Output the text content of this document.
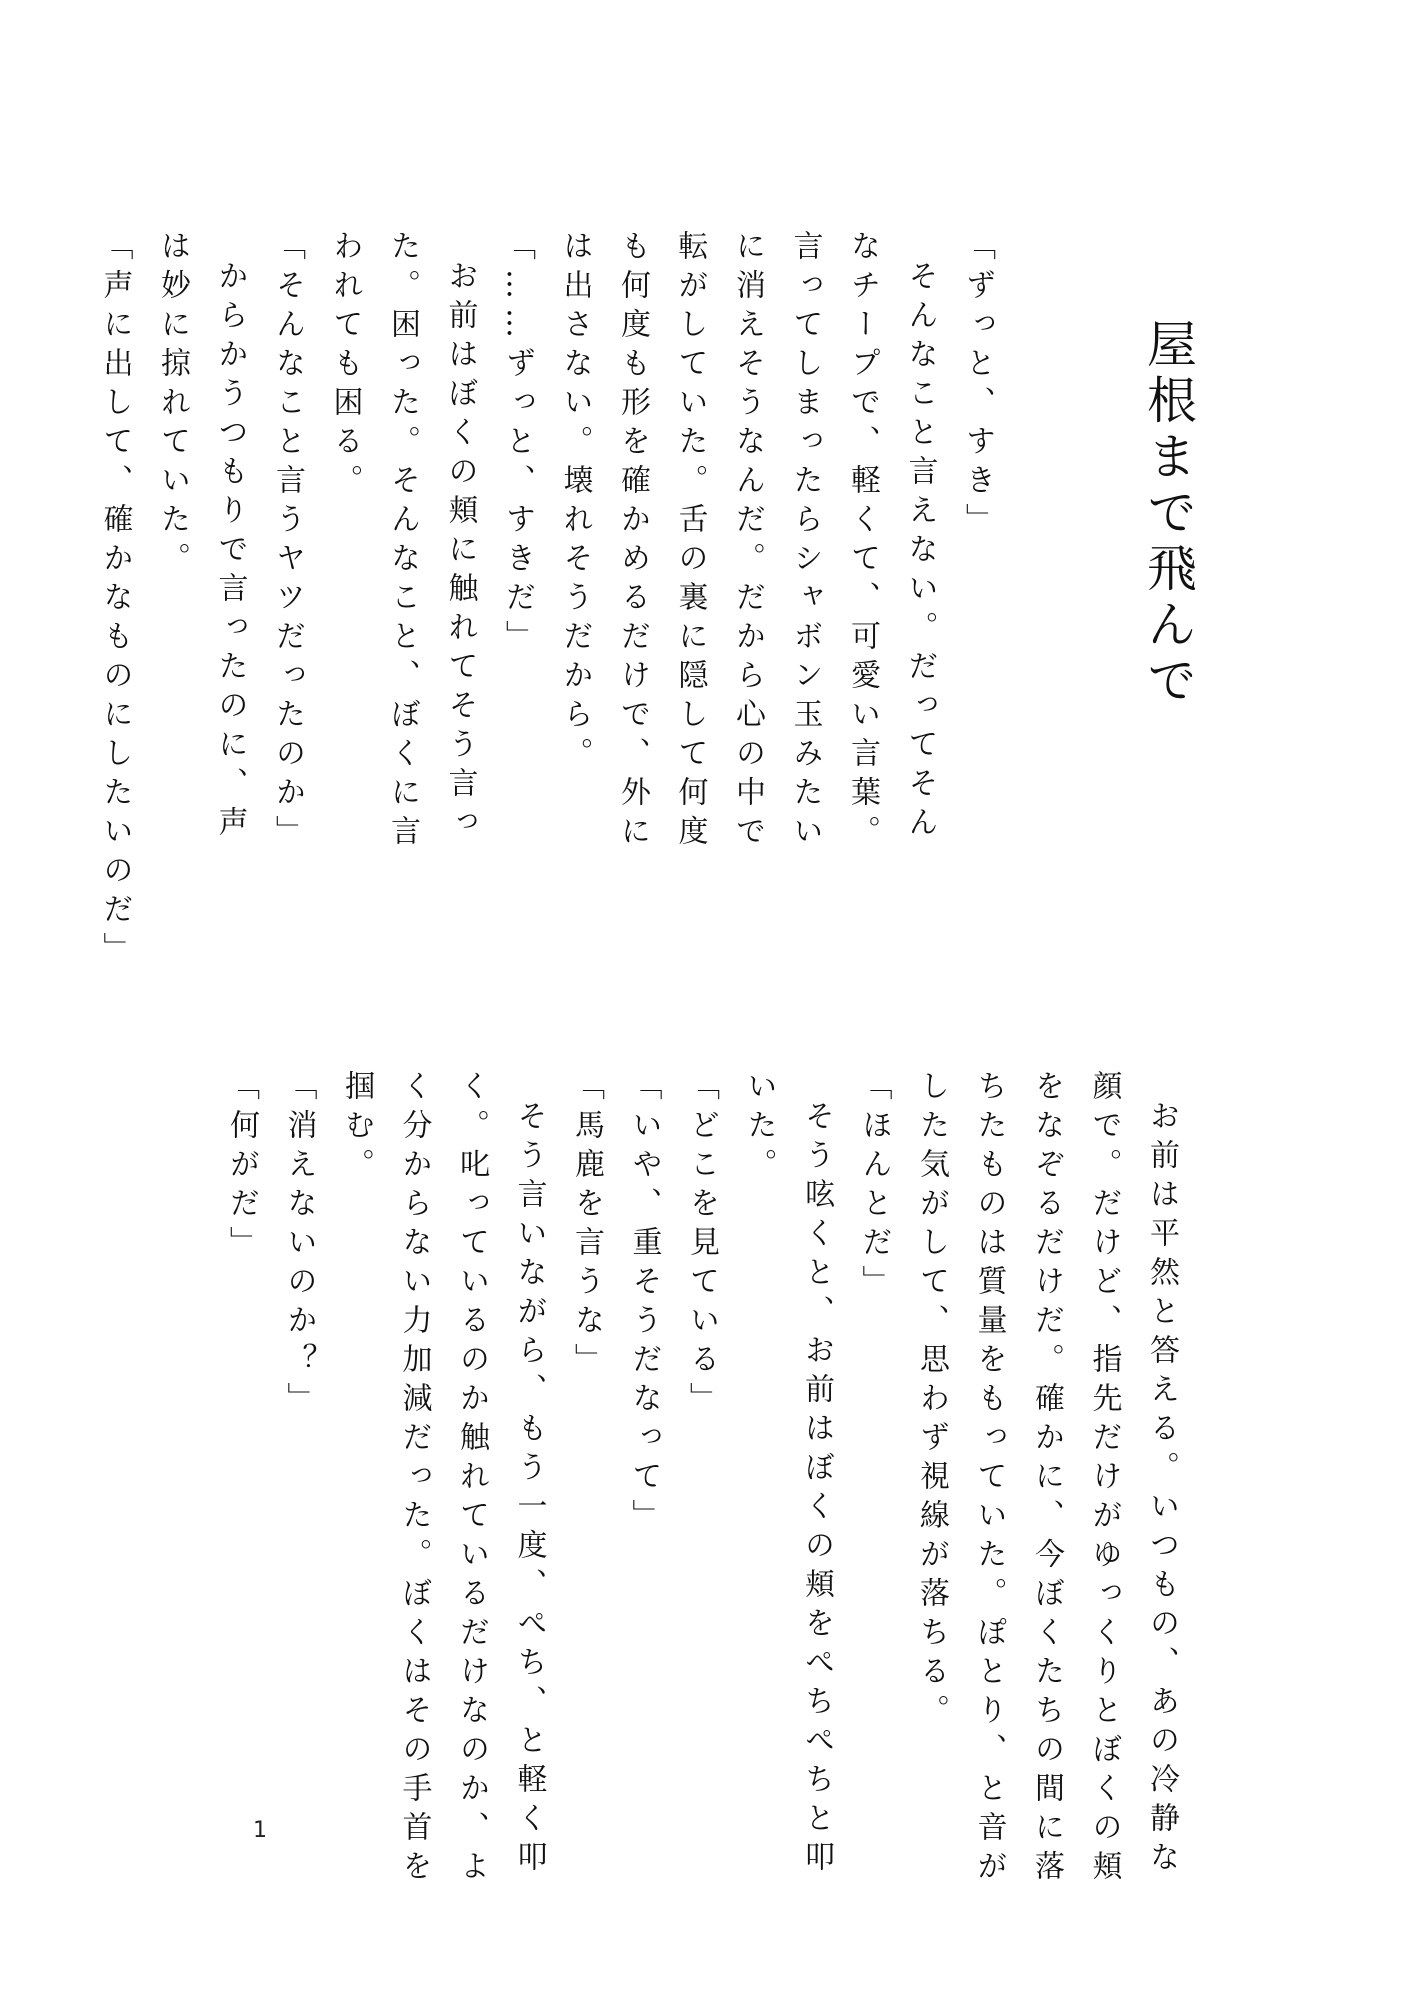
屋根まで飛んで

「ずっと、すき」

そんなこと言えない。だってそんなチープで、軽くて、可愛い言葉。言ってしまったらシャボン玉みたいに消えそうなんだ。だから心の中で転がしていた。舌の裏に隠して何度も何度も形を確かめるだけで、外には出さない。壊れそうだから。

「……ずっと、すきだ」

お前はぼくの頬に触れてそう言った。困った。そんなこと、ぼくに言われても困る。

「そんなこと言うヤツだったのか」

からかうつもりで言ったのに、声は妙に掠れていた。

「声に出して、確かなものにしたいのだ」

お前は平然と答える。いつもの、あの冷静な顔で。だけど、指先だけがゆっくりとぼくの頬をなぞるだけだ。確かに、今ぼくたちの間に落ちたものは質量をもっていた。ぽとり、と音がした気がして、思わず視線が落ちる。

「ほんとだ」

そう呟くと、お前はぼくの頬をぺちぺちと叩いた。

「どこを見ている」

「いや、重そうだなって」

「馬鹿を言うな」

そう言いながら、もう一度、ぺち、と軽く叩く。叱っているのか触れているだけなのか、よく分からない力加減だった。ぼくはその手首を掴む。

「消えないのか？」

「何がだ」

1
